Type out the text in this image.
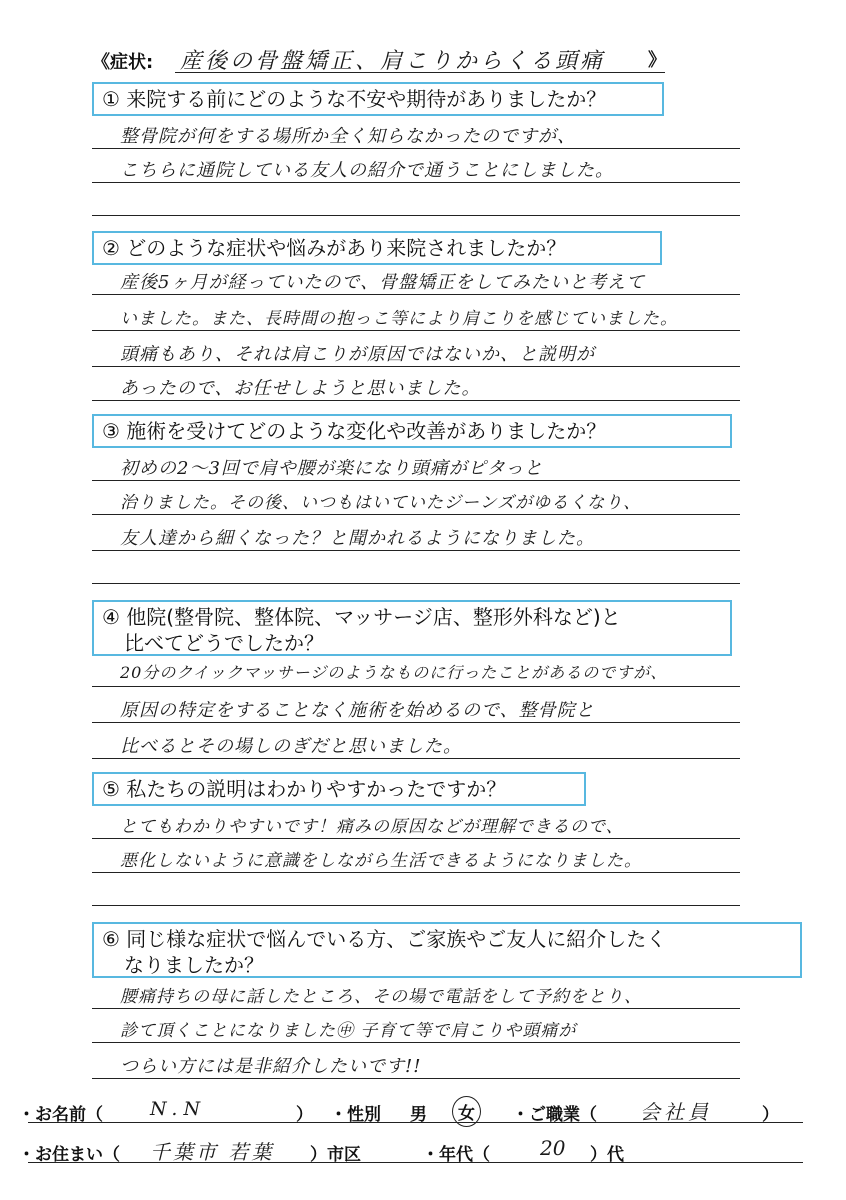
《症状: 産後の骨盤矯正、肩こりからくる頭痛 》
① 来院する前にどのような不安や期待がありましたか？
整骨院が何をする場所か全く知らなかったのですが、
こちらに通院している友人の紹介で通うことにしました。
② どのような症状や悩みがあり来院されましたか？
産後5ヶ月が経っていたので、骨盤矯正をしてみたいと考えて
いました。また、長時間の抱っこ等により肩こりを感じていました。
頭痛もあり、それは肩こりが原因ではないか、と説明が
あったので、お任せしようと思いました。
③ 施術を受けてどのような変化や改善がありましたか？
初めの2〜3回で肩や腰が楽になり頭痛がピタっと
治りました。その後、いつもはいていたジーンズがゆるくなり、
友人達から細くなった？と聞かれるようになりました。
④ 他院(整骨院、整体院、マッサージ店、整形外科など)と
比べてどうでしたか？
20分のクイックマッサージのようなものに行ったことがあるのですが、
原因の特定をすることなく施術を始めるので、整骨院と
比べるとその場しのぎだと思いました。
⑤ 私たちの説明はわかりやすかったですか？
とてもわかりやすいです！痛みの原因などが理解できるので、
悪化しないように意識をしながら生活できるようになりました。
⑥ 同じ様な症状で悩んでいる方、ご家族やご友人に紹介したく
なりましたか？
腰痛持ちの母に話したところ、その場で電話をして予約をとり、
診て頂くことになりました㊥ 子育て等で肩こりや頭痛が
つらい方には是非紹介したいです!!
・お名前（ N.N	） ・性別 男	女	・ご職業（ 会社員	）
・お住まい（ 千葉市 若葉 ）市区	・年代（	20 ）代
